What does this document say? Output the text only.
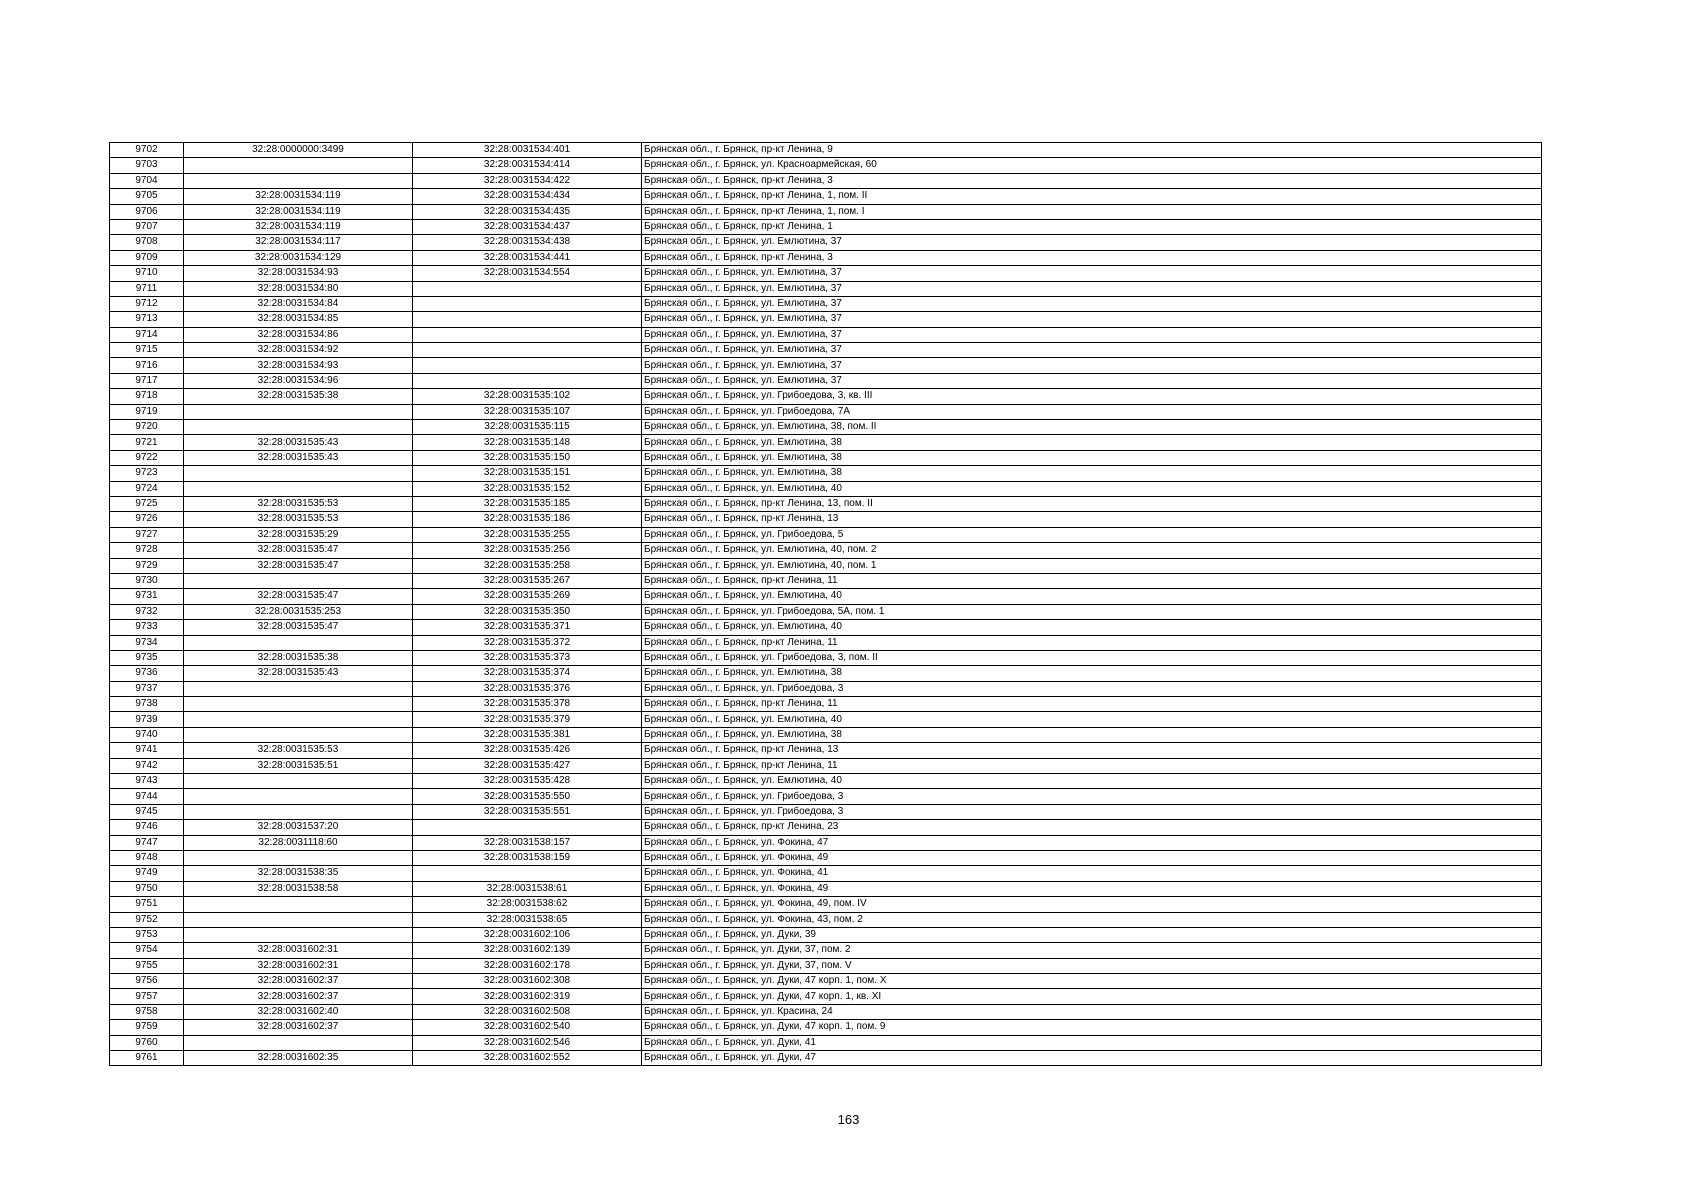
9702	32:28:0000000:3499	32:28:0031534:401	Брянская обл., г. Брянск, пр-кт Ленина, 9
9703		32:28:0031534:414	Брянская обл., г. Брянск, ул. Красноармейская, 60
9704		32:28:0031534:422	Брянская обл., г. Брянск, пр-кт Ленина, 3
9705	32:28:0031534:119	32:28:0031534:434	Брянская обл., г. Брянск, пр-кт Ленина, 1, пом. II
9706	32:28:0031534:119	32:28:0031534:435	Брянская обл., г. Брянск, пр-кт Ленина, 1, пом. I
9707	32:28:0031534:119	32:28:0031534:437	Брянская обл., г. Брянск, пр-кт Ленина, 1
9708	32:28:0031534:117	32:28:0031534:438	Брянская обл., г. Брянск, ул. Емлютина, 37
9709	32:28:0031534:129	32:28:0031534:441	Брянская обл., г. Брянск, пр-кт Ленина, 3
9710	32:28:0031534:93	32:28:0031534:554	Брянская обл., г. Брянск, ул. Емлютина, 37
9711	32:28:0031534:80		Брянская обл., г. Брянск, ул. Емлютина, 37
9712	32:28:0031534:84		Брянская обл., г. Брянск, ул. Емлютина, 37
9713	32:28:0031534:85		Брянская обл., г. Брянск, ул. Емлютина, 37
9714	32:28:0031534:86		Брянская обл., г. Брянск, ул. Емлютина, 37
9715	32:28:0031534:92		Брянская обл., г. Брянск, ул. Емлютина, 37
9716	32:28:0031534:93		Брянская обл., г. Брянск, ул. Емлютина, 37
9717	32:28:0031534:96		Брянская обл., г. Брянск, ул. Емлютина, 37
9718	32:28:0031535:38	32:28:0031535:102	Брянская обл., г. Брянск, ул. Грибоедова, 3, кв. III
9719		32:28:0031535:107	Брянская обл., г. Брянск, ул. Грибоедова, 7А
9720		32:28:0031535:115	Брянская обл., г. Брянск, ул. Емлютина, 38, пом. II
9721	32:28:0031535:43	32:28:0031535:148	Брянская обл., г. Брянск, ул. Емлютина, 38
9722	32:28:0031535:43	32:28:0031535:150	Брянская обл., г. Брянск, ул. Емлютина, 38
9723		32:28:0031535:151	Брянская обл., г. Брянск, ул. Емлютина, 38
9724		32:28:0031535:152	Брянская обл., г. Брянск, ул. Емлютина, 40
9725	32:28:0031535:53	32:28:0031535:185	Брянская обл., г. Брянск, пр-кт Ленина, 13, пом. II
9726	32:28:0031535:53	32:28:0031535:186	Брянская обл., г. Брянск, пр-кт Ленина, 13
9727	32:28:0031535:29	32:28:0031535:255	Брянская обл., г. Брянск, ул. Грибоедова, 5
9728	32:28:0031535:47	32:28:0031535:256	Брянская обл., г. Брянск, ул. Емлютина, 40, пом. 2
9729	32:28:0031535:47	32:28:0031535:258	Брянская обл., г. Брянск, ул. Емлютина, 40, пом. 1
9730		32:28:0031535:267	Брянская обл., г. Брянск, пр-кт Ленина, 11
9731	32:28:0031535:47	32:28:0031535:269	Брянская обл., г. Брянск, ул. Емлютина, 40
9732	32:28:0031535:253	32:28:0031535:350	Брянская обл., г. Брянск, ул. Грибоедова, 5А, пом. 1
9733	32:28:0031535:47	32:28:0031535:371	Брянская обл., г. Брянск, ул. Емлютина, 40
9734		32:28:0031535:372	Брянская обл., г. Брянск, пр-кт Ленина, 11
9735	32:28:0031535:38	32:28:0031535:373	Брянская обл., г. Брянск, ул. Грибоедова, 3, пом. II
9736	32:28:0031535:43	32:28:0031535:374	Брянская обл., г. Брянск, ул. Емлютина, 38
9737		32:28:0031535:376	Брянская обл., г. Брянск, ул. Грибоедова, 3
9738		32:28:0031535:378	Брянская обл., г. Брянск, пр-кт Ленина, 11
9739		32:28:0031535:379	Брянская обл., г. Брянск, ул. Емлютина, 40
9740		32:28:0031535:381	Брянская обл., г. Брянск, ул. Емлютина, 38
9741	32:28:0031535:53	32:28:0031535:426	Брянская обл., г. Брянск, пр-кт Ленина, 13
9742	32:28:0031535:51	32:28:0031535:427	Брянская обл., г. Брянск, пр-кт Ленина, 11
9743		32:28:0031535:428	Брянская обл., г. Брянск, ул. Емлютина, 40
9744		32:28:0031535:550	Брянская обл., г. Брянск, ул. Грибоедова, 3
9745		32:28:0031535:551	Брянская обл., г. Брянск, ул. Грибоедова, 3
9746	32:28:0031537:20		Брянская обл., г. Брянск, пр-кт Ленина, 23
9747	32:28:0031118:60	32:28:0031538:157	Брянская обл., г. Брянск, ул. Фокина, 47
9748		32:28:0031538:159	Брянская обл., г. Брянск, ул. Фокина, 49
9749	32:28:0031538:35		Брянская обл., г. Брянск, ул. Фокина, 41
9750	32:28:0031538:58	32:28:0031538:61	Брянская обл., г. Брянск, ул. Фокина, 49
9751		32:28:0031538:62	Брянская обл., г. Брянск, ул. Фокина, 49, пом. IV
9752		32:28:0031538:65	Брянская обл., г. Брянск, ул. Фокина, 43, пом. 2
9753		32:28:0031602:106	Брянская обл., г. Брянск, ул. Дуки, 39
9754	32:28:0031602:31	32:28:0031602:139	Брянская обл., г. Брянск, ул. Дуки, 37, пом. 2
9755	32:28:0031602:31	32:28:0031602:178	Брянская обл., г. Брянск, ул. Дуки, 37, пом. V
9756	32:28:0031602:37	32:28:0031602:308	Брянская обл., г. Брянск, ул. Дуки, 47 корп. 1, пом. X
9757	32:28:0031602:37	32:28:0031602:319	Брянская обл., г. Брянск, ул. Дуки, 47 корп. 1, кв. XI
9758	32:28:0031602:40	32:28:0031602:508	Брянская обл., г. Брянск, ул. Красина, 24
9759	32:28:0031602:37	32:28:0031602:540	Брянская обл., г. Брянск, ул. Дуки, 47 корп. 1, пом. 9
9760		32:28:0031602:546	Брянская обл., г. Брянск, ул. Дуки, 41
9761	32:28:0031602:35	32:28:0031602:552	Брянская обл., г. Брянск, ул. Дуки, 47
163
